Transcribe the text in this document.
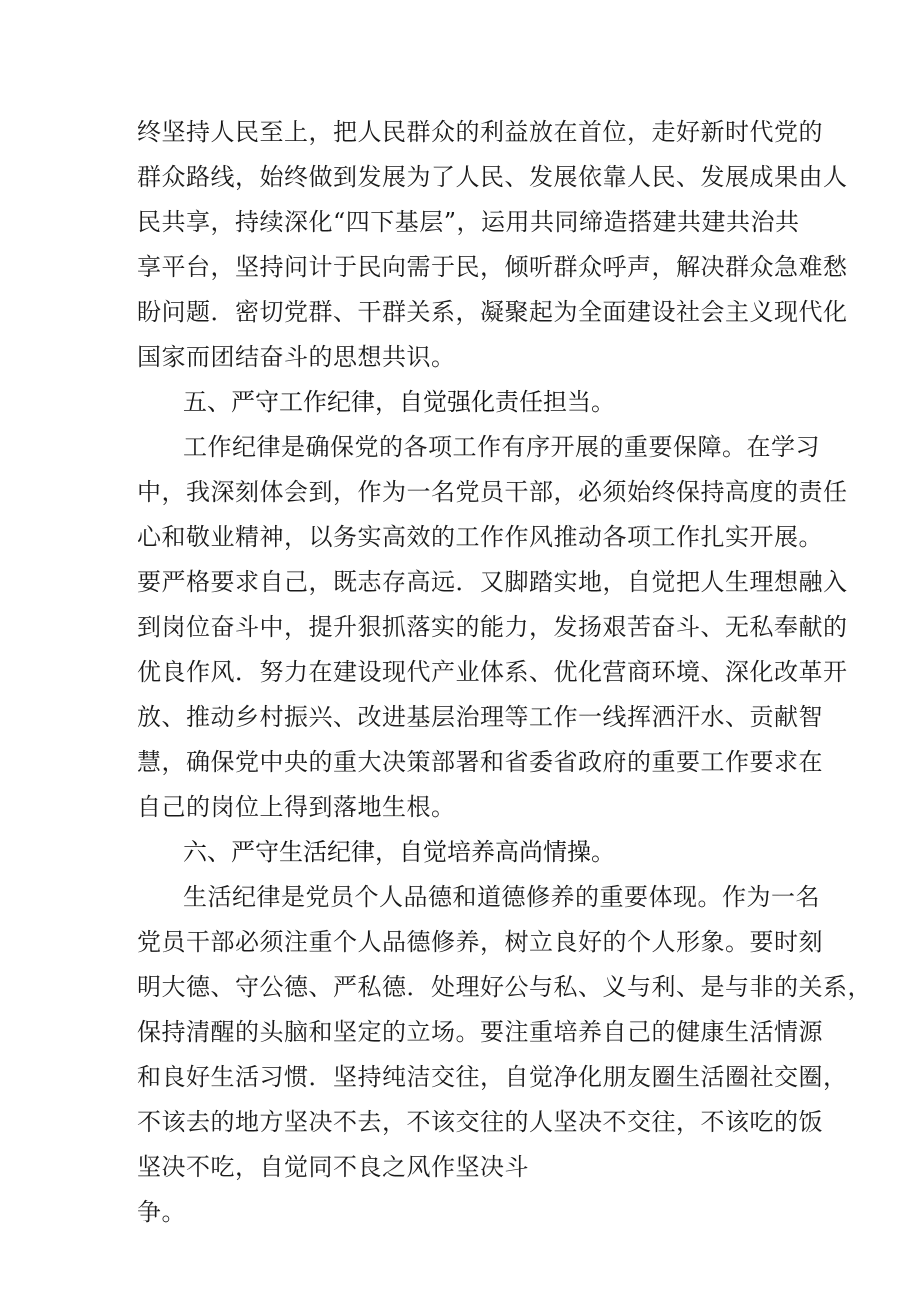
终坚持人民至上，把人民群众的利益放在首位，走好新时代党的
群众路线，始终做到发展为了人民、发展依靠人民、发展成果由人
民共享，持续深化“四下基层”，运用共同缔造搭建共建共治共
享平台，坚持问计于民向需于民，倾听群众呼声，解决群众急难愁
盼问题．密切党群、干群关系，凝聚起为全面建设社会主义现代化
国家而团结奋斗的思想共识。
五、严守工作纪律，自觉强化责任担当。
工作纪律是确保党的各项工作有序开展的重要保障。在学习
中，我深刻体会到，作为一名党员干部，必须始终保持高度的责任
心和敬业精神，以务实高效的工作作风推动各项工作扎实开展。
要严格要求自己，既志存高远．又脚踏实地，自觉把人生理想融入
到岗位奋斗中，提升狠抓落实的能力，发扬艰苦奋斗、无私奉献的
优良作风．努力在建设现代产业体系、优化营商环境、深化改革开
放、推动乡村振兴、改进基层治理等工作一线挥洒汗水、贡献智
慧，确保党中央的重大决策部署和省委省政府的重要工作要求在
自己的岗位上得到落地生根。
六、严守生活纪律，自觉培养高尚情操。
生活纪律是党员个人品德和道德修养的重要体现。作为一名
党员干部必须注重个人品德修养，树立良好的个人形象。要时刻
明大德、守公德、严私德．处理好公与私、义与利、是与非的关系，
保持清醒的头脑和坚定的立场。要注重培养自己的健康生活情源
和良好生活习惯．坚持纯洁交往，自觉净化朋友圈生活圈社交圈，
不该去的地方坚决不去，不该交往的人坚决不交往，不该吃的饭
坚决不吃，自觉同不良之风作坚决斗
争。
